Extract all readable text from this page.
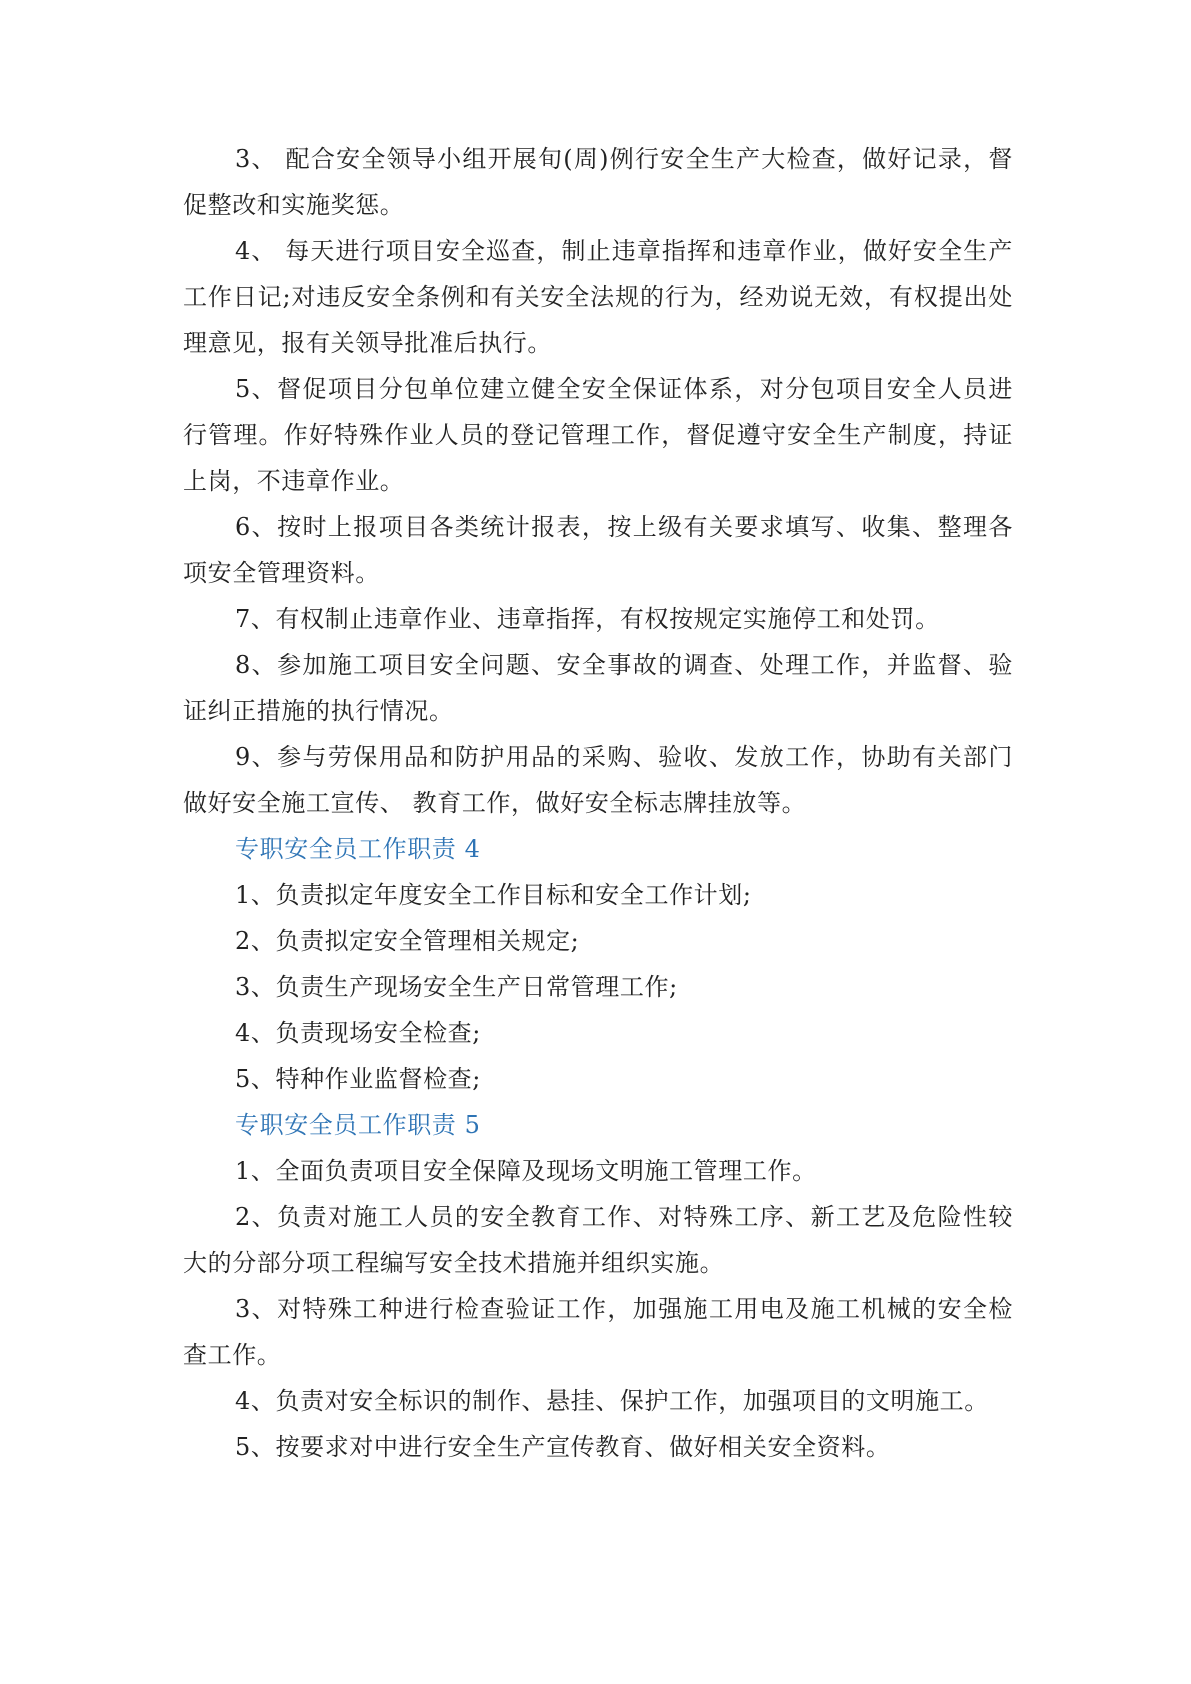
3、 配合安全领导小组开展旬(周)例行安全生产大检查，做好记录，督促整改和实施奖惩。

4、 每天进行项目安全巡查，制止违章指挥和违章作业，做好安全生产工作日记;对违反安全条例和有关安全法规的行为，经劝说无效，有权提出处理意见，报有关领导批准后执行。

5、督促项目分包单位建立健全安全保证体系，对分包项目安全人员进行管理。作好特殊作业人员的登记管理工作，督促遵守安全生产制度，持证上岗，不违章作业。

6、按时上报项目各类统计报表，按上级有关要求填写、收集、整理各项安全管理资料。

7、有权制止违章作业、违章指挥，有权按规定实施停工和处罚。

8、参加施工项目安全问题、安全事故的调查、处理工作，并监督、验证纠正措施的执行情况。

9、参与劳保用品和防护用品的采购、验收、发放工作，协助有关部门做好安全施工宣传、 教育工作，做好安全标志牌挂放等。

专职安全员工作职责 4

1、负责拟定年度安全工作目标和安全工作计划;

2、负责拟定安全管理相关规定;

3、负责生产现场安全生产日常管理工作;

4、负责现场安全检查;

5、特种作业监督检查;

专职安全员工作职责 5

1、全面负责项目安全保障及现场文明施工管理工作。

2、负责对施工人员的安全教育工作、对特殊工序、新工艺及危险性较大的分部分项工程编写安全技术措施并组织实施。

3、对特殊工种进行检查验证工作，加强施工用电及施工机械的安全检查工作。

4、负责对安全标识的制作、悬挂、保护工作，加强项目的文明施工。

5、按要求对中进行安全生产宣传教育、做好相关安全资料。
